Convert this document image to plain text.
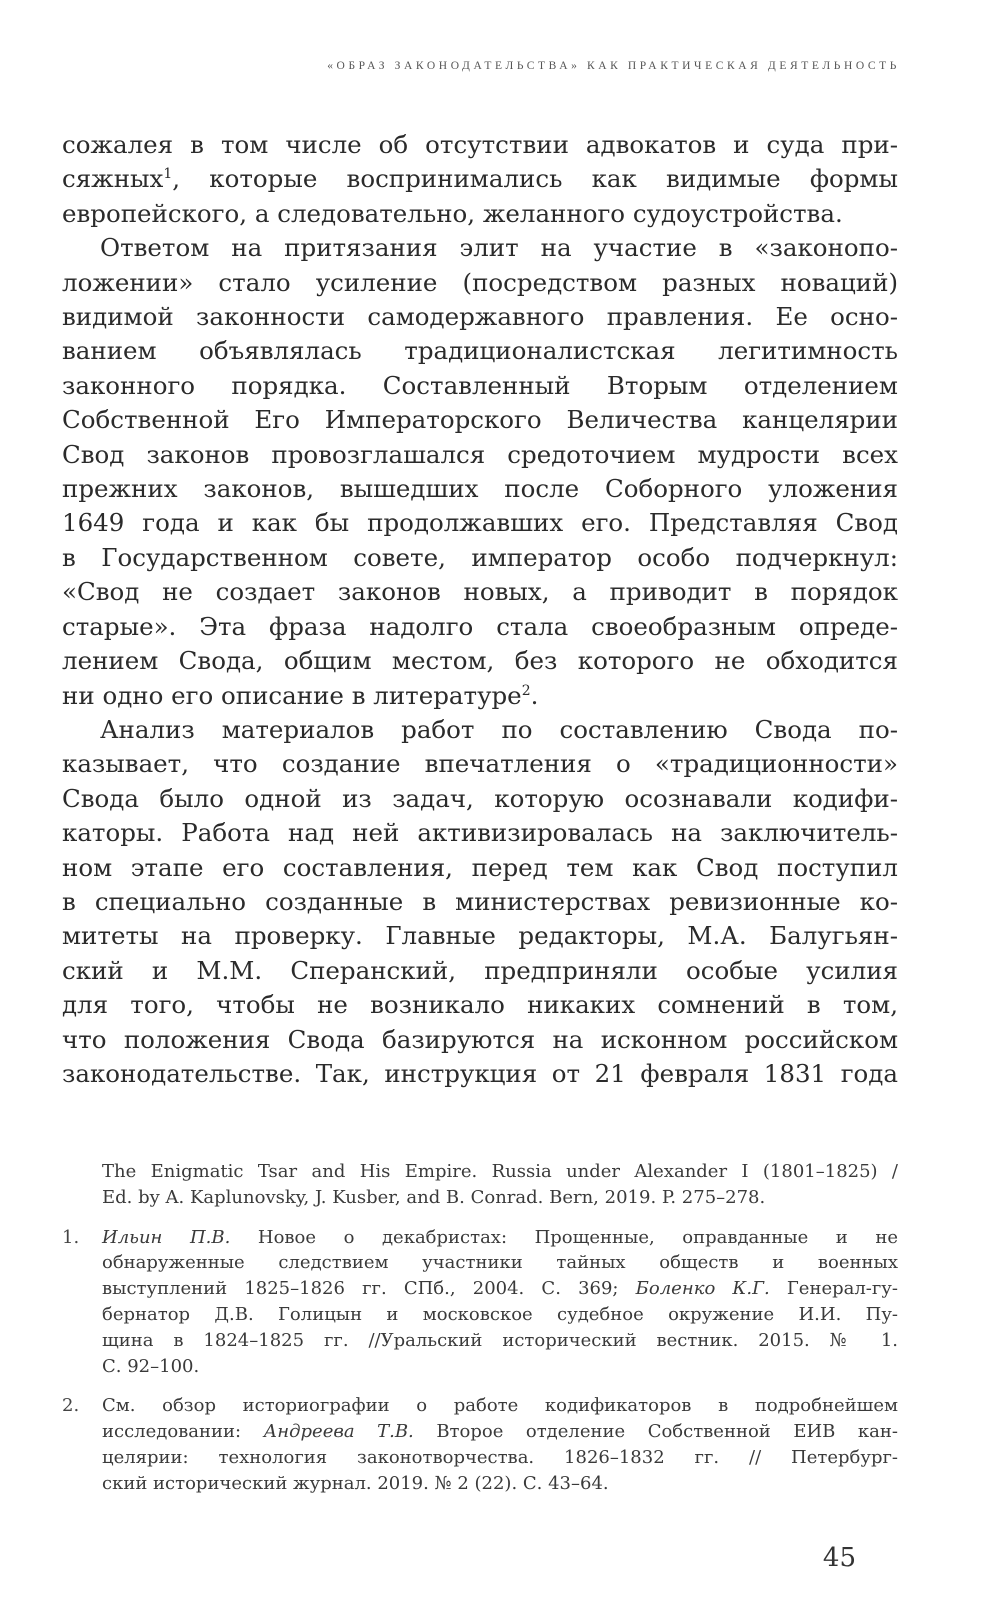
«ОБРАЗ ЗАКОНОДАТЕЛЬСТВА» КАК ПРАКТИЧЕСКАЯ ДЕЯТЕЛЬНОСТЬ

сожалея в том числе об отсутствии адвокатов и суда при-
сяжных$^1$, которые воспринимались как видимые формы
европейского, а следовательно, желанного судоустройства.

Ответом на притязания элит на участие в «законопо-
ложении» стало усиление (посредством разных новаций)
видимой законности самодержавного правления. Ее осно-
ванием объявлялась традиционалистская легитимность
законного порядка. Составленный Вторым отделением
Собственной Его Императорского Величества канцелярии
Свод законов провозглашался средоточием мудрости всех
прежних законов, вышедших после Соборного уложения
1649 года и как бы продолжавших его. Представляя Свод
в Государственном совете, император особо подчеркнул:
«Свод не создает законов новых, а приводит в порядок
старые». Эта фраза надолго стала своеобразным опреде-
лением Свода, общим местом, без которого не обходится
ни одно его описание в литературе$^2$.

Анализ материалов работ по составлению Свода по-
казывает, что создание впечатления о «традиционности»
Свода было одной из задач, которую осознавали кодифи-
каторы. Работа над ней активизировалась на заключитель-
ном этапе его составления, перед тем как Свод поступил
в специально созданные в министерствах ревизионные ко-
митеты на проверку. Главные редакторы, М.А. Балугьян-
ский и М.М. Сперанский, предприняли особые усилия
для того, чтобы не возникало никаких сомнений в том,
что положения Свода базируются на исконном российском
законодательстве. Так, инструкция от 21 февраля 1831 года

The Enigmatic Tsar and His Empire. Russia under Alexander I (1801–1825) /
Ed. by A. Kaplunovsky, J. Kusber, and B. Conrad. Bern, 2019. P. 275–278.
1.	Ильин П.В. Новое о декабристах: Прощенные, оправданные и не
обнаруженные следствием участники тайных обществ и военных
выступлений 1825–1826 гг. СПб., 2004. С. 369; Боленко К.Г. Генерал-гу-
бернатор Д.В. Голицын и московское судебное окружение И.И. Пу-
щина в 1824–1825 гг. //Уральский исторический вестник. 2015. № 1.
С. 92–100.
2.	См. обзор историографии о работе кодификаторов в подробнейшем
исследовании: Андреева Т.В. Второе отделение Собственной ЕИВ кан-
целярии: технология законотворчества. 1826–1832 гг. // Петербург-
ский исторический журнал. 2019. № 2 (22). С. 43–64.
45
